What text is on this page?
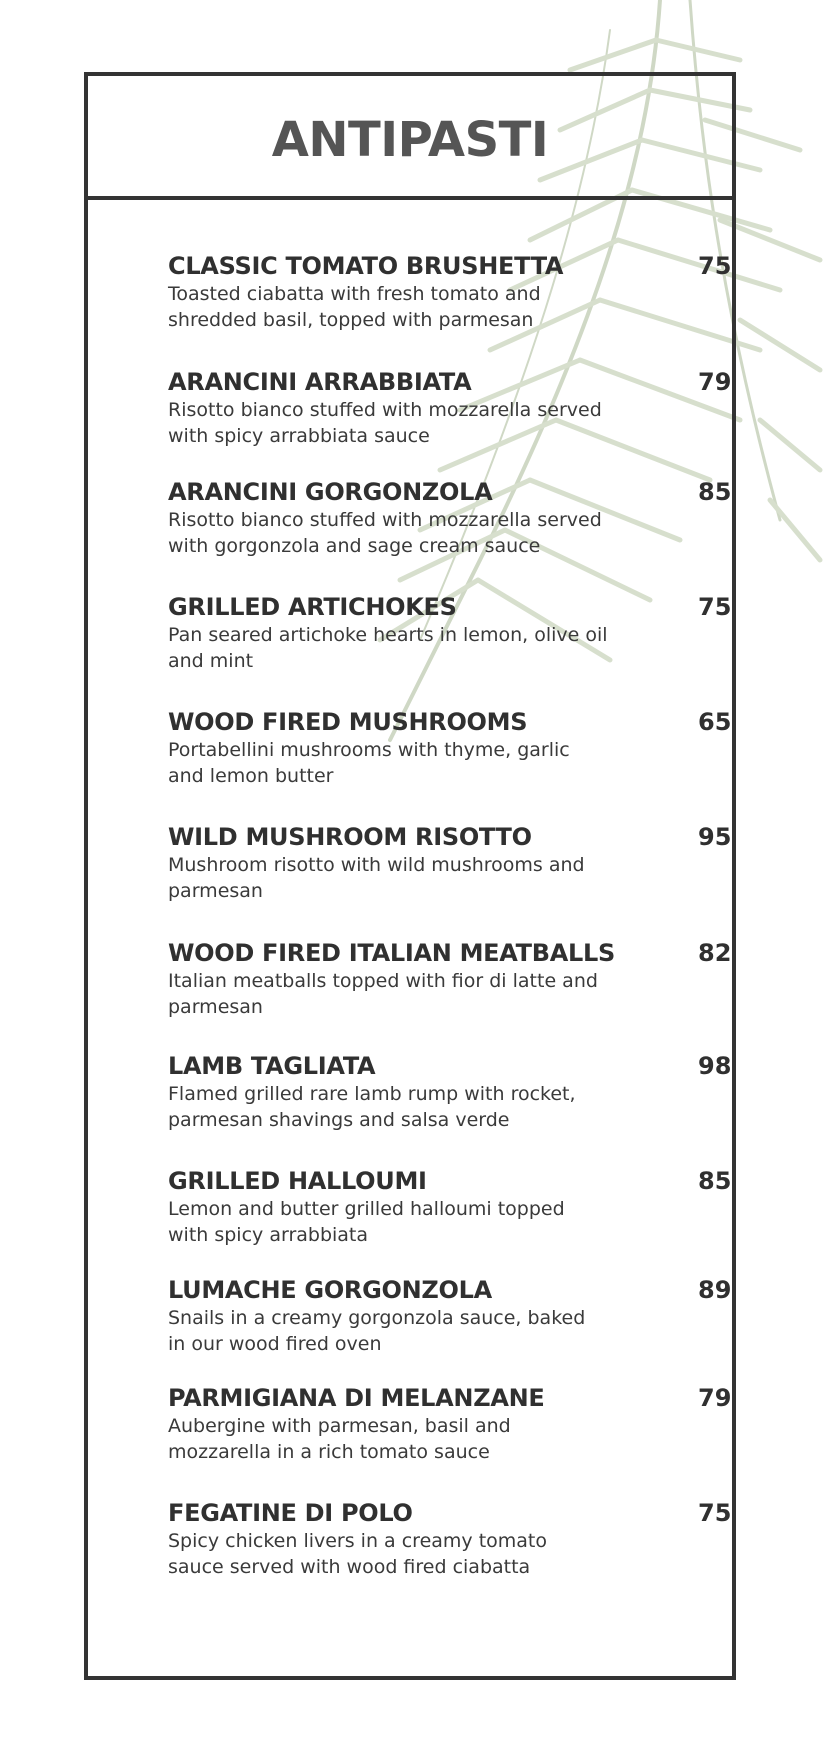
ANTIPASTI
CLASSIC TOMATO BRUSHETTA
Toasted ciabatta with fresh tomato and shredded basil, topped with parmesan
75
ARANCINI ARRABBIATA
Risotto bianco stuffed with mozzarella served with spicy arrabbiata sauce
79
ARANCINI GORGONZOLA
Risotto bianco stuffed with mozzarella served with gorgonzola and sage cream sauce
85
GRILLED ARTICHOKES
Pan seared artichoke hearts in lemon, olive oil and mint
75
WOOD FIRED MUSHROOMS
Portabellini mushrooms with thyme, garlic and lemon butter
65
WILD MUSHROOM RISOTTO
Mushroom risotto with wild mushrooms and parmesan
95
WOOD FIRED ITALIAN MEATBALLS
Italian meatballs topped with fior di latte and parmesan
82
LAMB TAGLIATA
Flamed grilled rare lamb rump with rocket, parmesan shavings and salsa verde
98
GRILLED HALLOUMI
Lemon and butter grilled halloumi topped with spicy arrabbiata
85
LUMACHE GORGONZOLA
Snails in a creamy gorgonzola sauce, baked in our wood fired oven
89
PARMIGIANA DI MELANZANE
Aubergine with parmesan, basil and mozzarella in a rich tomato sauce
79
FEGATINE DI POLO
Spicy chicken livers in a creamy tomato sauce served with wood fired ciabatta
75
